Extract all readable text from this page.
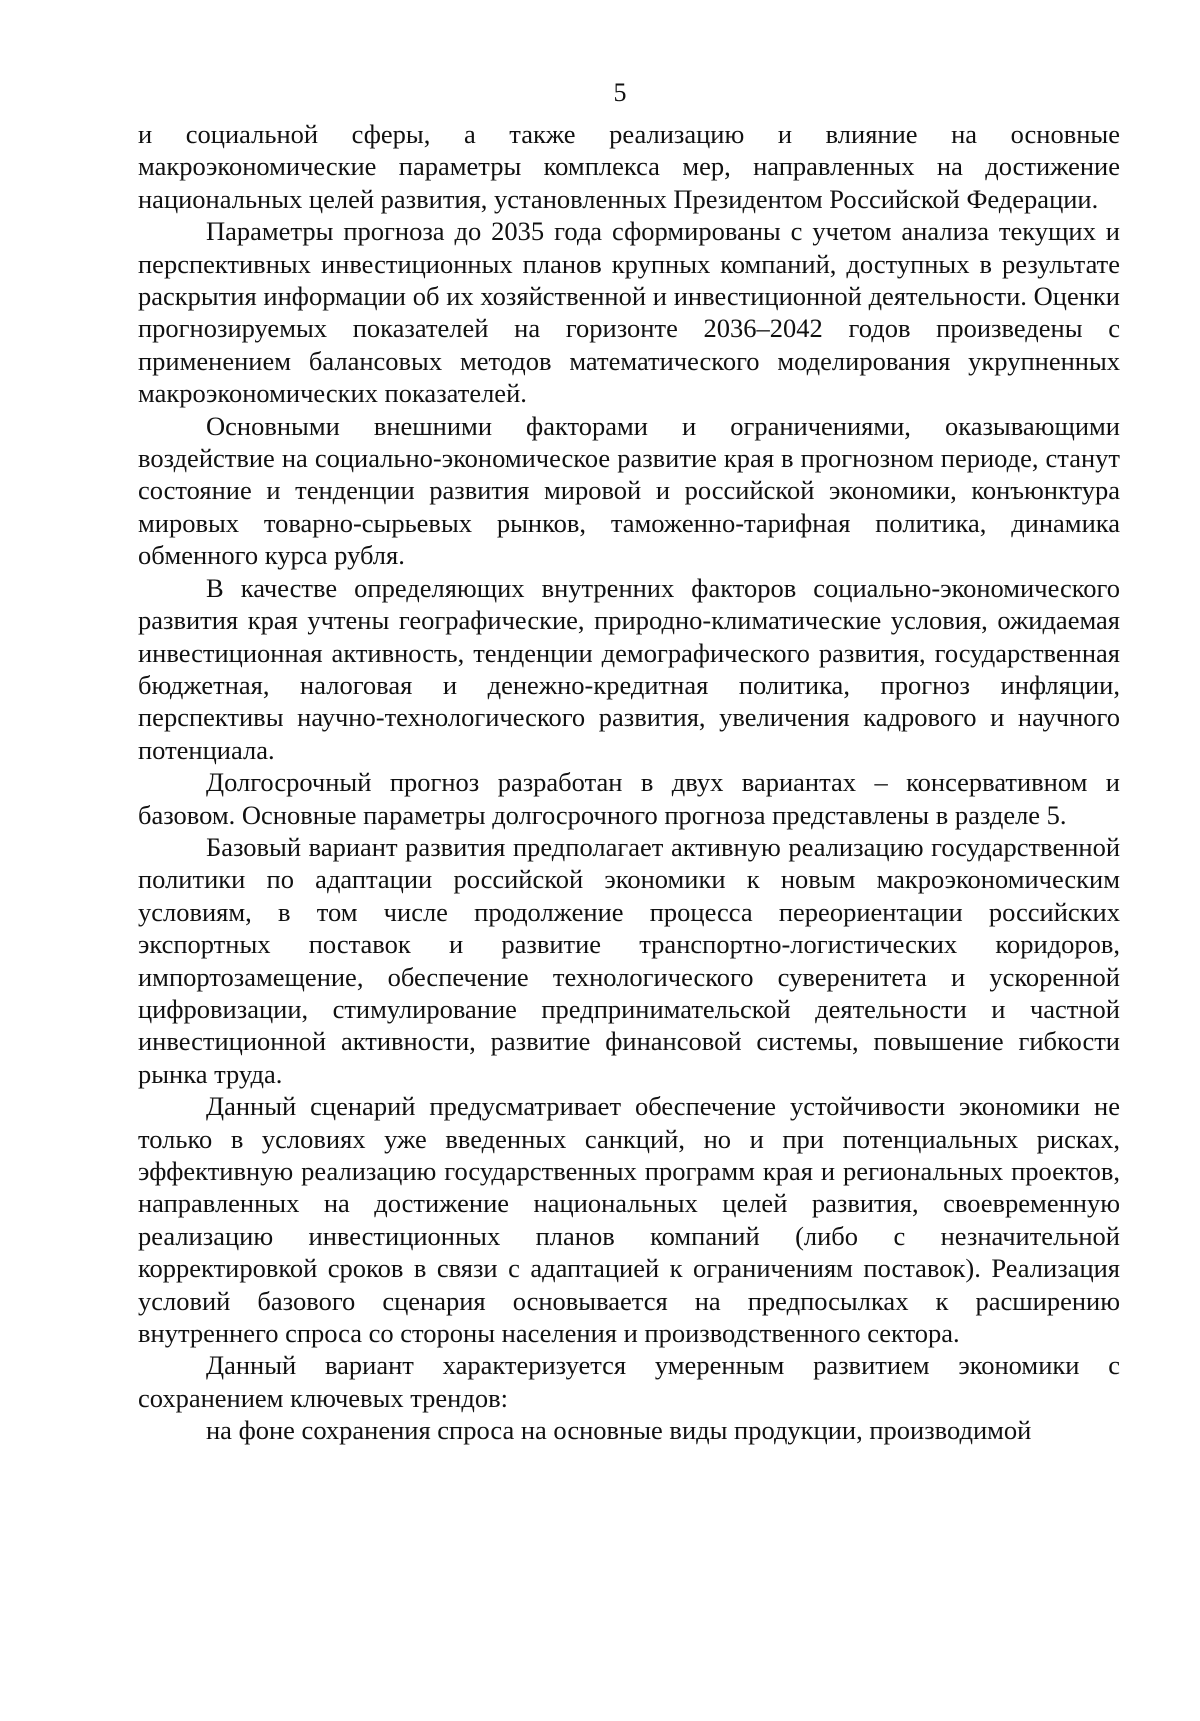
5

и социальной сферы, а также реализацию и влияние на основные макроэкономические параметры комплекса мер, направленных на достижение национальных целей развития, установленных Президентом Российской Федерации.

Параметры прогноза до 2035 года сформированы с учетом анализа текущих и перспективных инвестиционных планов крупных компаний, доступных в результате раскрытия информации об их хозяйственной и инвестиционной деятельности. Оценки прогнозируемых показателей на горизонте 2036–2042 годов произведены с применением балансовых методов математического моделирования укрупненных макроэкономических показателей.

Основными внешними факторами и ограничениями, оказывающими воздействие на социально-экономическое развитие края в прогнозном периоде, станут состояние и тенденции развития мировой и российской экономики, конъюнктура мировых товарно-сырьевых рынков, таможенно-тарифная политика, динамика обменного курса рубля.

В качестве определяющих внутренних факторов социально-экономического развития края учтены географические, природно-климатические условия, ожидаемая инвестиционная активность, тенденции демографического развития, государственная бюджетная, налоговая и денежно-кредитная политика, прогноз инфляции, перспективы научно-технологического развития, увеличения кадрового и научного потенциала.

Долгосрочный прогноз разработан в двух вариантах – консервативном и базовом. Основные параметры долгосрочного прогноза представлены в разделе 5.

Базовый вариант развития предполагает активную реализацию государственной политики по адаптации российской экономики к новым макроэкономическим условиям, в том числе продолжение процесса переориентации российских экспортных поставок и развитие транспортно-логистических коридоров, импортозамещение, обеспечение технологического суверенитета и ускоренной цифровизации, стимулирование предпринимательской деятельности и частной инвестиционной активности, развитие финансовой системы, повышение гибкости рынка труда.

Данный сценарий предусматривает обеспечение устойчивости экономики не только в условиях уже введенных санкций, но и при потенциальных рисках, эффективную реализацию государственных программ края и региональных проектов, направленных на достижение национальных целей развития, своевременную реализацию инвестиционных планов компаний (либо с незначительной корректировкой сроков в связи с адаптацией к ограничениям поставок). Реализация условий базового сценария основывается на предпосылках к расширению внутреннего спроса со стороны населения и производственного сектора.

Данный вариант характеризуется умеренным развитием экономики с сохранением ключевых трендов:

на фоне сохранения спроса на основные виды продукции, производимой
